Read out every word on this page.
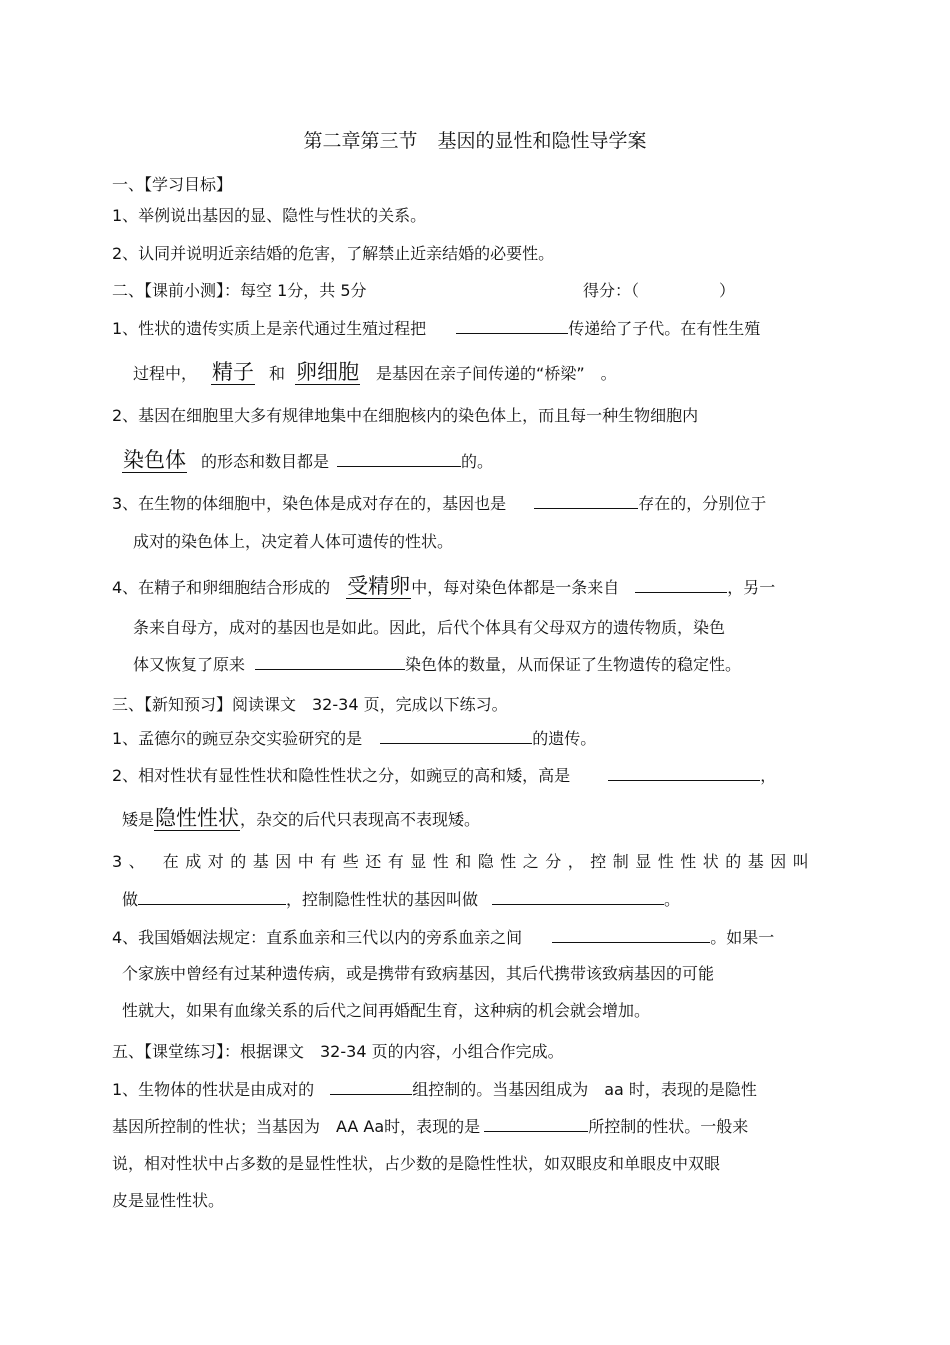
第二章第三节 基因的显性和隐性导学案
一、【学习目标】
1、举例说出基因的显、隐性与性状的关系。
2、认同并说明近亲结婚的危害，了解禁止近亲结婚的必要性。
二、【课前小测】：每空 1分，共 5分	得分：（	）
1、性状的遗传实质上是亲代通过生殖过程把	传递给了子代。在有性生殖
过程中， 精子 和 卵细胞 是基因在亲子间传递的“桥梁”　。
2、基因在细胞里大多有规律地集中在细胞核内的染色体上，而且每一种生物细胞内
染色体 的形态和数目都是	的。
3、在生物的体细胞中，染色体是成对存在的，基因也是	存在的，分别位于
成对的染色体上，决定着人体可遗传的性状。
4、在精子和卵细胞结合形成的 受精卵中，每对染色体都是一条来自	，另一
条来自母方，成对的基因也是如此。因此，后代个体具有父母双方的遗传物质，染色
体又恢复了原来	染色体的数量，从而保证了生物遗传的稳定性。
三、【新知预习】阅读课文　32-34 页，完成以下练习。
1、孟德尔的豌豆杂交实验研究的是	的遗传。
2、相对性状有显性性状和隐性性状之分，如豌豆的高和矮，高是	，
矮是隐性性状，杂交的后代只表现高不表现矮。
3、 在成对的基因中有些还有显性和隐性之分，控制显性性状的基因叫
做	，控制隐性性状的基因叫做	。
4、我国婚姻法规定：直系血亲和三代以内的旁系血亲之间	。如果一
个家族中曾经有过某种遗传病，或是携带有致病基因，其后代携带该致病基因的可能
性就大，如果有血缘关系的后代之间再婚配生育，这种病的机会就会增加。
五、【课堂练习】：根据课文　32-34 页的内容，小组合作完成。
1、生物体的性状是由成对的	组控制的。当基因组成为　aa 时，表现的是隐性
基因所控制的性状；当基因为　AA Aa时，表现的是	所控制的性状。一般来
说，相对性状中占多数的是显性性状，占少数的是隐性性状，如双眼皮和单眼皮中双眼
皮是显性性状。
